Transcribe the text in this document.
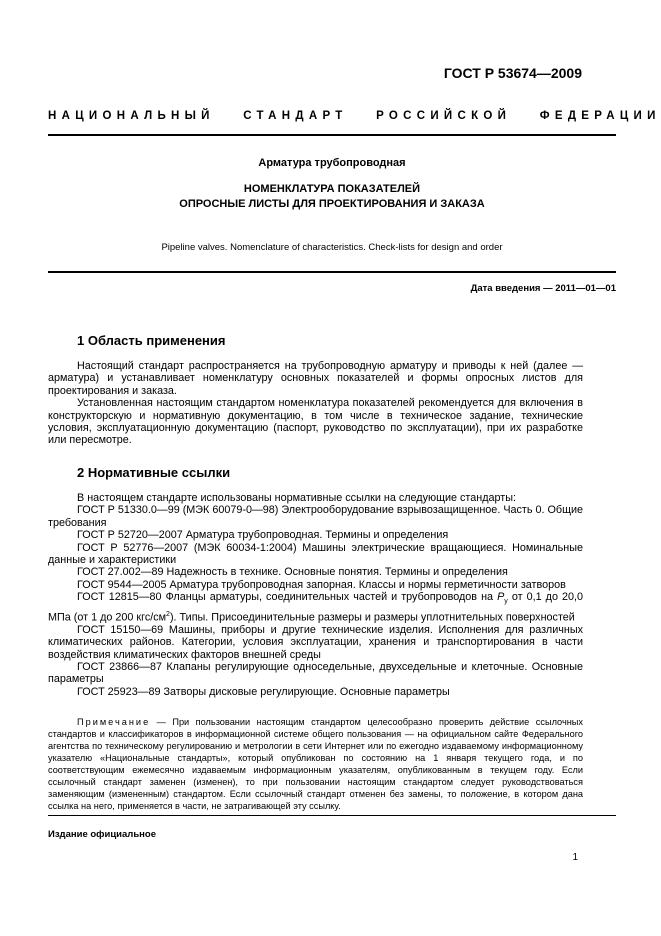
ГОСТ Р 53674—2009
НАЦИОНАЛЬНЫЙ СТАНДАРТ РОССИЙСКОЙ ФЕДЕРАЦИИ
Арматура трубопроводная
НОМЕНКЛАТУРА ПОКАЗАТЕЛЕЙ
ОПРОСНЫЕ ЛИСТЫ ДЛЯ ПРОЕКТИРОВАНИЯ И ЗАКАЗА
Pipeline valves. Nomenclature of characteristics. Check-lists for design and order
Дата введения — 2011—01—01
1 Область применения

Настоящий стандарт распространяется на трубопроводную арматуру и приводы к ней (далее — арматура) и устанавливает номенклатуру основных показателей и формы опросных листов для проектирования и заказа.

Установленная настоящим стандартом номенклатура показателей рекомендуется для включения в конструкторскую и нормативную документацию, в том числе в техническое задание, технические условия, эксплуатационную документацию (паспорт, руководство по эксплуатации), при их разработке или пересмотре.

2 Нормативные ссылки

В настоящем стандарте использованы нормативные ссылки на следующие стандарты:

ГОСТ Р 51330.0—99 (МЭК 60079-0—98) Электрооборудование взрывозащищенное. Часть 0. Общие требования

ГОСТ Р 52720—2007 Арматура трубопроводная. Термины и определения

ГОСТ Р 52776—2007 (МЭК 60034-1:2004) Машины электрические вращающиеся. Номинальные данные и характеристики

ГОСТ 27.002—89 Надежность в технике. Основные понятия. Термины и определения

ГОСТ 9544—2005 Арматура трубопроводная запорная. Классы и нормы герметичности затворов

ГОСТ 12815—80 Фланцы арматуры, соединительных частей и трубопроводов на $P_y$ от 0,1 до 20,0 МПа (от 1 до 200 кгс/$см^2$). Типы. Присоединительные размеры и размеры уплотнительных поверхностей

ГОСТ 15150—69 Машины, приборы и другие технические изделия. Исполнения для различных климатических районов. Категории, условия эксплуатации, хранения и транспортирования в части воздействия климатических факторов внешней среды

ГОСТ 23866—87 Клапаны регулирующие односедельные, двухседельные и клеточные. Основные параметры

ГОСТ 25923—89 Затворы дисковые регулирующие. Основные параметры

Примечание — При пользовании настоящим стандартом целесообразно проверить действие ссылочных стандартов и классификаторов в информационной системе общего пользования — на официальном сайте Федерального агентства по техническому регулированию и метрологии в сети Интернет или по ежегодно издаваемому информационному указателю «Национальные стандарты», который опубликован по состоянию на 1 января текущего года, и по соответствующим ежемесячно издаваемым информационным указателям, опубликованным в текущем году. Если ссылочный стандарт заменен (изменен), то при пользовании настоящим стандартом следует руководствоваться заменяющим (измененным) стандартом. Если ссылочный стандарт отменен без замены, то положение, в котором дана ссылка на него, применяется в части, не затрагивающей эту ссылку.

Издание официальное
1
